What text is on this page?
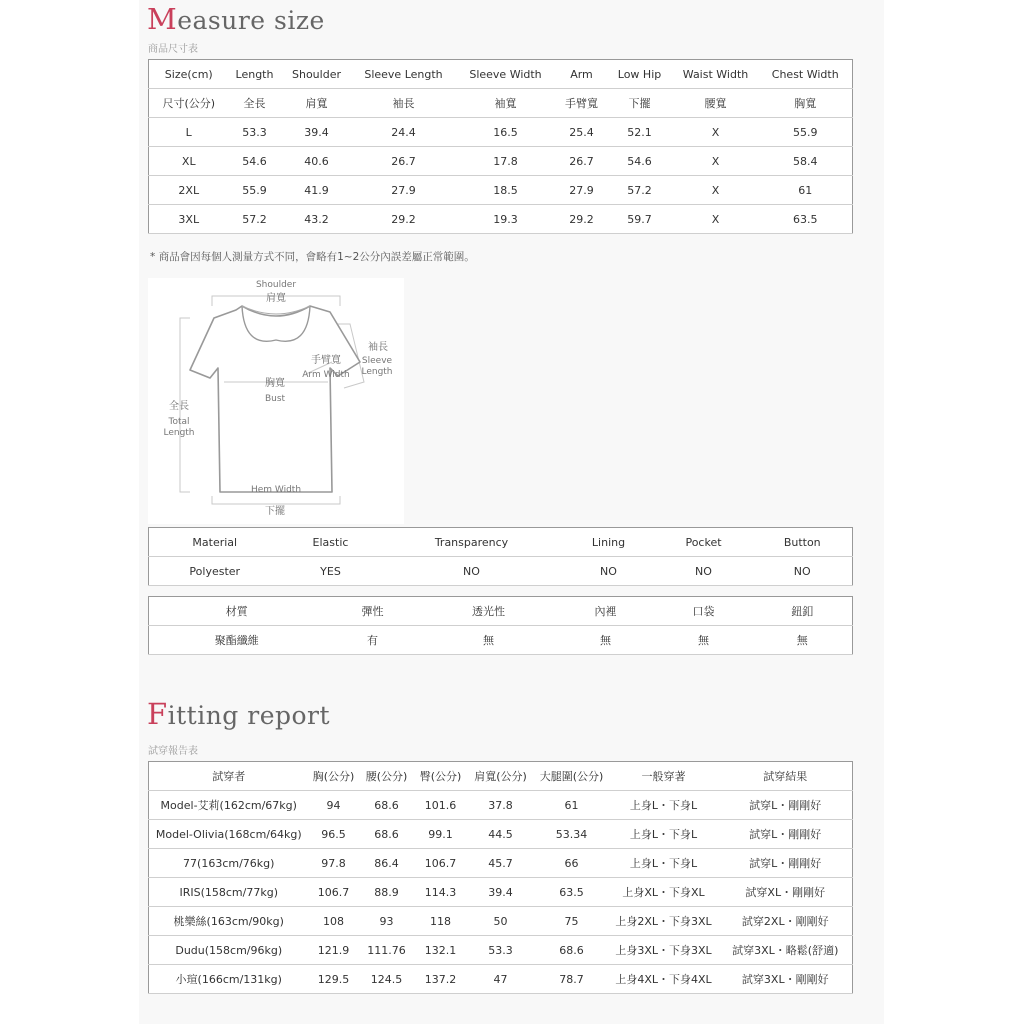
Measure size
商品尺寸表
Size(cm)	Length	Shoulder	Sleeve Length	Sleeve Width	Arm	Low Hip	Waist Width	Chest Width
尺寸(公分)	全長	肩寬	袖長	袖寬	手臂寬	下擺	腰寬	胸寬
L	53.3	39.4	24.4	16.5	25.4	52.1	X	55.9
XL	54.6	40.6	26.7	17.8	26.7	54.6	X	58.4
2XL	55.9	41.9	27.9	18.5	27.9	57.2	X	61
3XL	57.2	43.2	29.2	19.3	29.2	59.7	X	63.5
* 商品會因每個人測量方式不同，會略有1~2公分內誤差屬正常範圍。
Shoulder
肩寬
袖長
Sleeve
Length
手臂寬
Arm Width
胸寬
Bust
全長
Total
Length
Hem Width
下擺
Material	Elastic	Transparency	Lining	Pocket	Button
Polyester	YES	NO	NO	NO	NO
材質	彈性	透光性	內裡	口袋	鈕釦
聚酯纖維	有	無	無	無	無
Fitting report
試穿報告表
試穿者	胸(公分)	腰(公分)	臀(公分)	肩寬(公分)	大腿圍(公分)	一般穿著	試穿結果
Model-艾莉(162cm/67kg)	94	68.6	101.6	37.8	61	上身L・下身L	試穿L・剛剛好
Model-Olivia(168cm/64kg)	96.5	68.6	99.1	44.5	53.34	上身L・下身L	試穿L・剛剛好
77(163cm/76kg)	97.8	86.4	106.7	45.7	66	上身L・下身L	試穿L・剛剛好
IRIS(158cm/77kg)	106.7	88.9	114.3	39.4	63.5	上身XL・下身XL	試穿XL・剛剛好
桃樂絲(163cm/90kg)	108	93	118	50	75	上身2XL・下身3XL	試穿2XL・剛剛好
Dudu(158cm/96kg)	121.9	111.76	132.1	53.3	68.6	上身3XL・下身3XL	試穿3XL・略鬆(舒適)
小瑄(166cm/131kg)	129.5	124.5	137.2	47	78.7	上身4XL・下身4XL	試穿3XL・剛剛好
